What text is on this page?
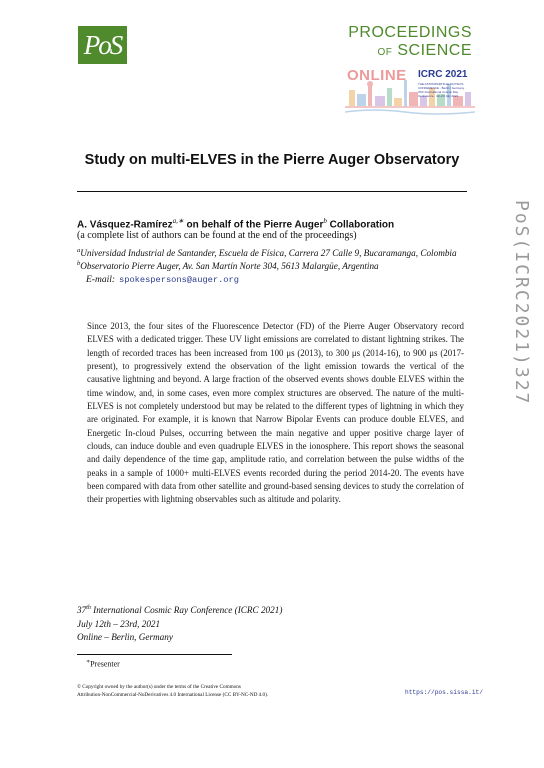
PoS	PROCEEDINGS
OF SCIENCE
ONLINE ICRC 2021
THE ASTROPARTICLE PHYSICS CONFERENCE · Berlin | Germany · 37th International Cosmic Ray Conference · 12–23 July 2021
Study on multi-ELVES in the Pierre Auger Observatory
A. Vásquez-Ramírez$^{a,∗}$ on behalf of the Pierre Auger$^b$ Collaboration
(a complete list of authors can be found at the end of the proceedings)
$^a$Universidad Industrial de Santander, Escuela de Física, Carrera 27 Calle 9, Bucaramanga, Colombia
$^b$Observatorio Pierre Auger, Av. San Martín Norte 304, 5613 Malargüe, Argentina
E-mail: spokespersons@auger.org
Since 2013, the four sites of the Fluorescence Detector (FD) of the Pierre Auger Observatory record ELVES with a dedicated trigger. These UV light emissions are correlated to distant lightning strikes. The length of recorded traces has been increased from 100 μs (2013), to 300 μs (2014-16), to 900 μs (2017-present), to progressively extend the observation of the light emission towards the vertical of the causative lightning and beyond. A large fraction of the observed events shows double ELVES within the time window, and, in some cases, even more complex structures are observed. The nature of the multi-ELVES is not completely understood but may be related to the different types of lightning in which they are originated. For example, it is known that Narrow Bipolar Events can produce double ELVES, and Energetic In-cloud Pulses, occurring between the main negative and upper positive charge layer of clouds, can induce double and even quadruple ELVES in the ionosphere. This report shows the seasonal and daily dependence of the time gap, amplitude ratio, and correlation between the pulse widths of the peaks in a sample of 1000+ multi-ELVES events recorded during the period 2014-20. The events have been compared with data from other satellite and ground-based sensing devices to study the correlation of their properties with lightning observables such as altitude and polarity.
37th International Cosmic Ray Conference (ICRC 2021)
July 12th – 23rd, 2021
Online – Berlin, Germany
∗Presenter
© Copyright owned by the author(s) under the terms of the Creative Commons
Attribution-NonCommercial-NoDerivatives 4.0 International License (CC BY-NC-ND 4.0).	https://pos.sissa.it/
PoS(ICRC2021)327
